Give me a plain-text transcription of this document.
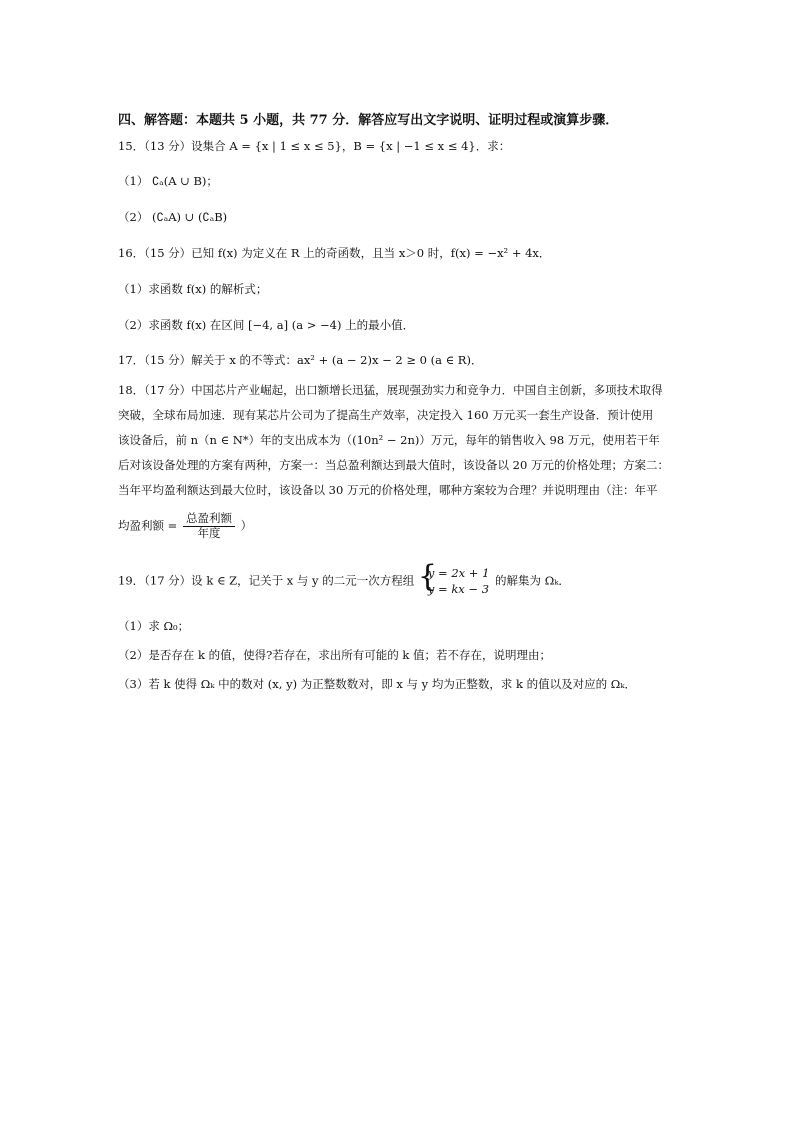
四、解答题：本题共 5 小题，共 77 分．解答应写出文字说明、证明过程或演算步骤．
15．（13 分）设集合 A = {x | 1 ≤ x ≤ 5}，B = {x | −1 ≤ x ≤ 4}．求：
（1） ∁ₐ(A ∪ B)；
（2） (∁ₐA) ∪ (∁ₐB)
16．（15 分）已知 f(x) 为定义在 R 上的奇函数，且当 x＞0 时，f(x) = −x² + 4x．
（1）求函数 f(x) 的解析式；
（2）求函数 f(x) 在区间 [−4, a] (a > −4) 上的最小值．
17．（15 分）解关于 x 的不等式：ax² + (a − 2)x − 2 ≥ 0 (a ∈ R)．
18．（17 分）中国芯片产业崛起，出口额增长迅猛，展现强劲实力和竞争力．中国自主创新，多项技术取得
突破，全球布局加速．现有某芯片公司为了提高生产效率，决定投入 160 万元买一套生产设备．预计使用
该设备后，前 n（n ∈ N*）年的支出成本为（(10n² − 2n)）万元，每年的销售收入 98 万元，使用若干年
后对该设备处理的方案有两种，方案一：当总盈利额达到最大值时，该设备以 20 万元的价格处理；方案二：
当年平均盈利额达到最大位时，该设备以 30 万元的价格处理，哪种方案较为合理？并说明理由（注：年平
均盈利额 = $\frac{\text{总盈利额}}{\text{年度}}$ ）
19．（17 分）设 k ∈ Z，记关于 x 与 y 的二元一次方程组 {
y = 2x + 1
y = kx − 3
的解集为 Ωₖ．
（1）求 Ω₀；
（2）是否存在 k 的值，使得?若存在，求出所有可能的 k 值；若不存在，说明理由；
（3）若 k 使得 Ωₖ 中的数对 (x, y) 为正整数数对，即 x 与 y 均为正整数，求 k 的值以及对应的 Ωₖ．
